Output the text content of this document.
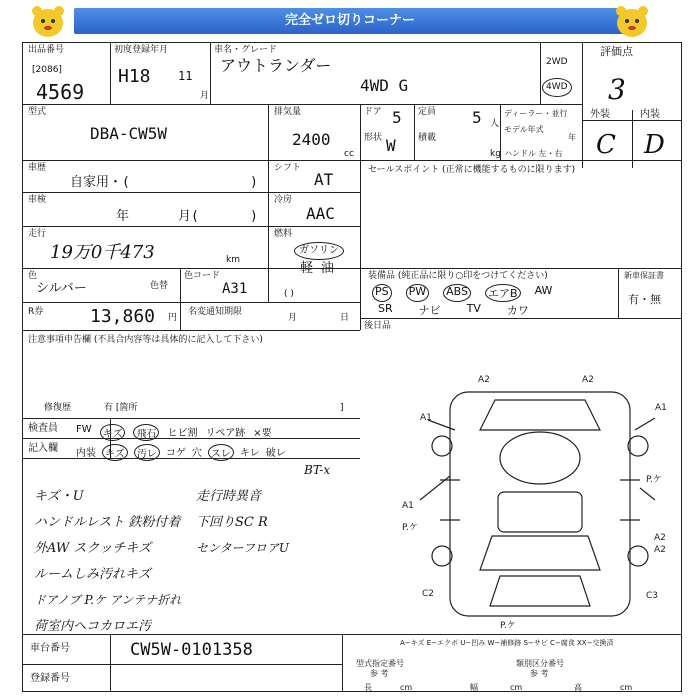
完全ゼロ切りコーナー
出品番号
[2086]
4569
初度登録年月
H18 11
月
車名・グレード
アウトランダー
4WD G
2WD
4WD
評価点
3
外装	内装
C D
型式
DBA-CW5W
排気量
2400
cc
ドア 5 定員 5 人
形状 W 積載
kg
ディーラー・並行
モデル年式
年
ハンドル 左・右
車歴
自家用・(	)
シフト
AT
車検
年	月(	)
冷房
AAC
走行
19万0千473	km
燃料
ガソリン
軽 油
( )
色
シルバー	色替
色コード
A31
R券	13,860 円
名変通知期限
月	日
注意事項申告欄 (不具合内容等は具体的に記入して下さい)
修復歴	有 [箇所	]
セールスポイント (正常に機能するものに限ります)
装備品 (純正品に限り○印をつけてください)
PS PW ABS エアB AW
SR ナビ TV カワ
新車保証書
有・無
後日品
検査員
記入欄
FW	キズ	飛石	ヒビ割 リペア跡 ×要
内装 キズ	汚レ コゲ 穴 スレ キレ 破レ
キズ・U
ハンドルレスト 鉄粉付着
外AW スクッチキズ
ルームしみ汚れキズ
ドアノブ P.ケ アンテナ折れ
荷室内ヘコカロエ汚
BT-x
走行時異音
下回りSC R
センターフロアU
A2	A2
A1
A1
A1
P.ケ
P.ケ
A2
A2
C2	C3
P.ケ
A−キズ E−エクボ U−凹み W−補修跡 S−サビ C−腐食 XX−交換済
車台番号	CW5W-0101358
登録番号
型式指定番号
参 考
類別区分番号
参 考
長	cm	幅	cm	高	cm
